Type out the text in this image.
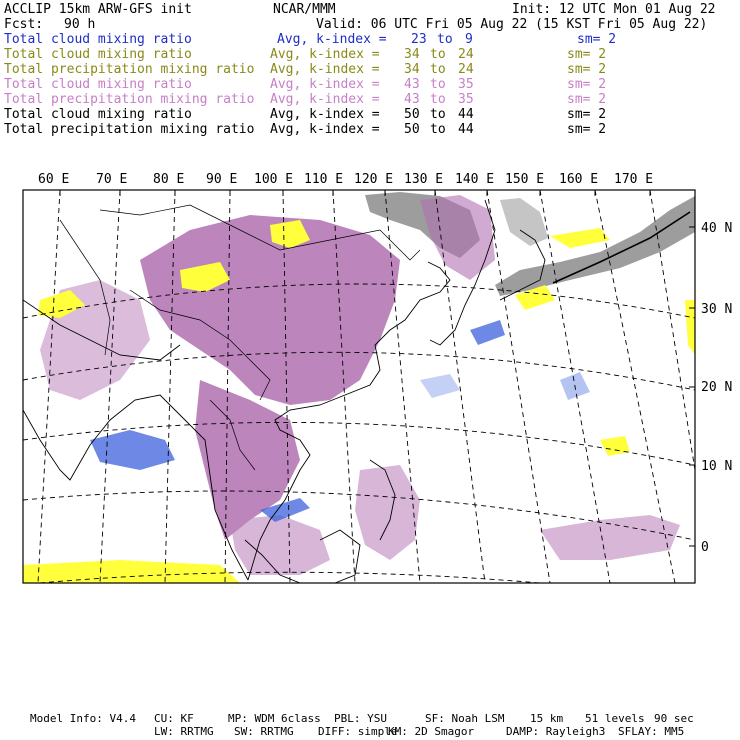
ACCLIP 15km ARW-GFS init	NCAR/MMM	Init: 12 UTC Mon 01 Aug 22
Fcst: 90 h	Valid: 06 UTC Fri 05 Aug 22 (15 KST Fri 05 Aug 22)
Total cloud mixing ratio	Avg, k-index = 23 to 9	sm= 2
Total cloud mixing ratio	Avg, k-index = 34 to 24	sm= 2
Total precipitation mixing ratio Avg, k-index = 34 to 24	sm= 2
Total cloud mixing ratio	Avg, k-index = 43 to 35	sm= 2
Total precipitation mixing ratio Avg, k-index = 43 to 35	sm= 2
Total cloud mixing ratio	Avg, k-index = 50 to 44	sm= 2
Total precipitation mixing ratio Avg, k-index = 50 to 44	sm= 2
60 E 70 E 80 E 90 E 100 E 110 E 120 E 130 E 140 E 150 E 160 E 170 E
40 N
30 N
20 N
10 N
0
Model Info: V4.4 CU: KF	MP: WDM 6class PBL: YSU	SF: Noah LSM 15 km 51 levels 90 sec
LW: RRTMG SW: RRTMG DIFF: simple
KM: 2D Smagor	DAMP: Rayleigh3 SFLAY: MM5
